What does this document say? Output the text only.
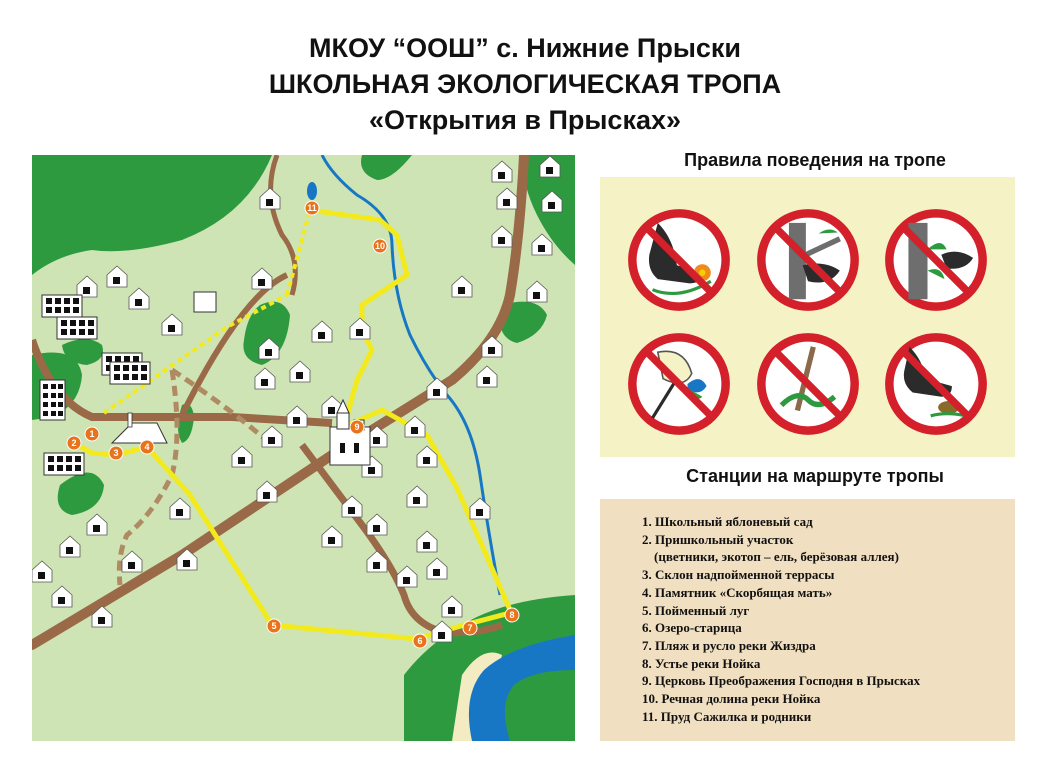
МКОУ “ООШ” с. Нижние Прыски
ШКОЛЬНАЯ ЭКОЛОГИЧЕСКАЯ ТРОПА
«Открытия в Прысках»
1
2
3
4
5
6
7
8
9
10
11
Правила поведения на тропе
Станции на маршруте тропы
1. Школьный яблоневый сад
2. Пришкольный участок
(цветники, экотоп – ель, берёзовая аллея)
3. Склон надпойменной террасы
4. Памятник «Скорбящая мать»
5. Пойменный луг
6. Озеро-старица
7. Пляж и русло реки Жиздра
8. Устье реки Нойка
9. Церковь Преображения Господня в Прысках
10. Речная долина реки Нойка
11. Пруд Сажилка и родники
